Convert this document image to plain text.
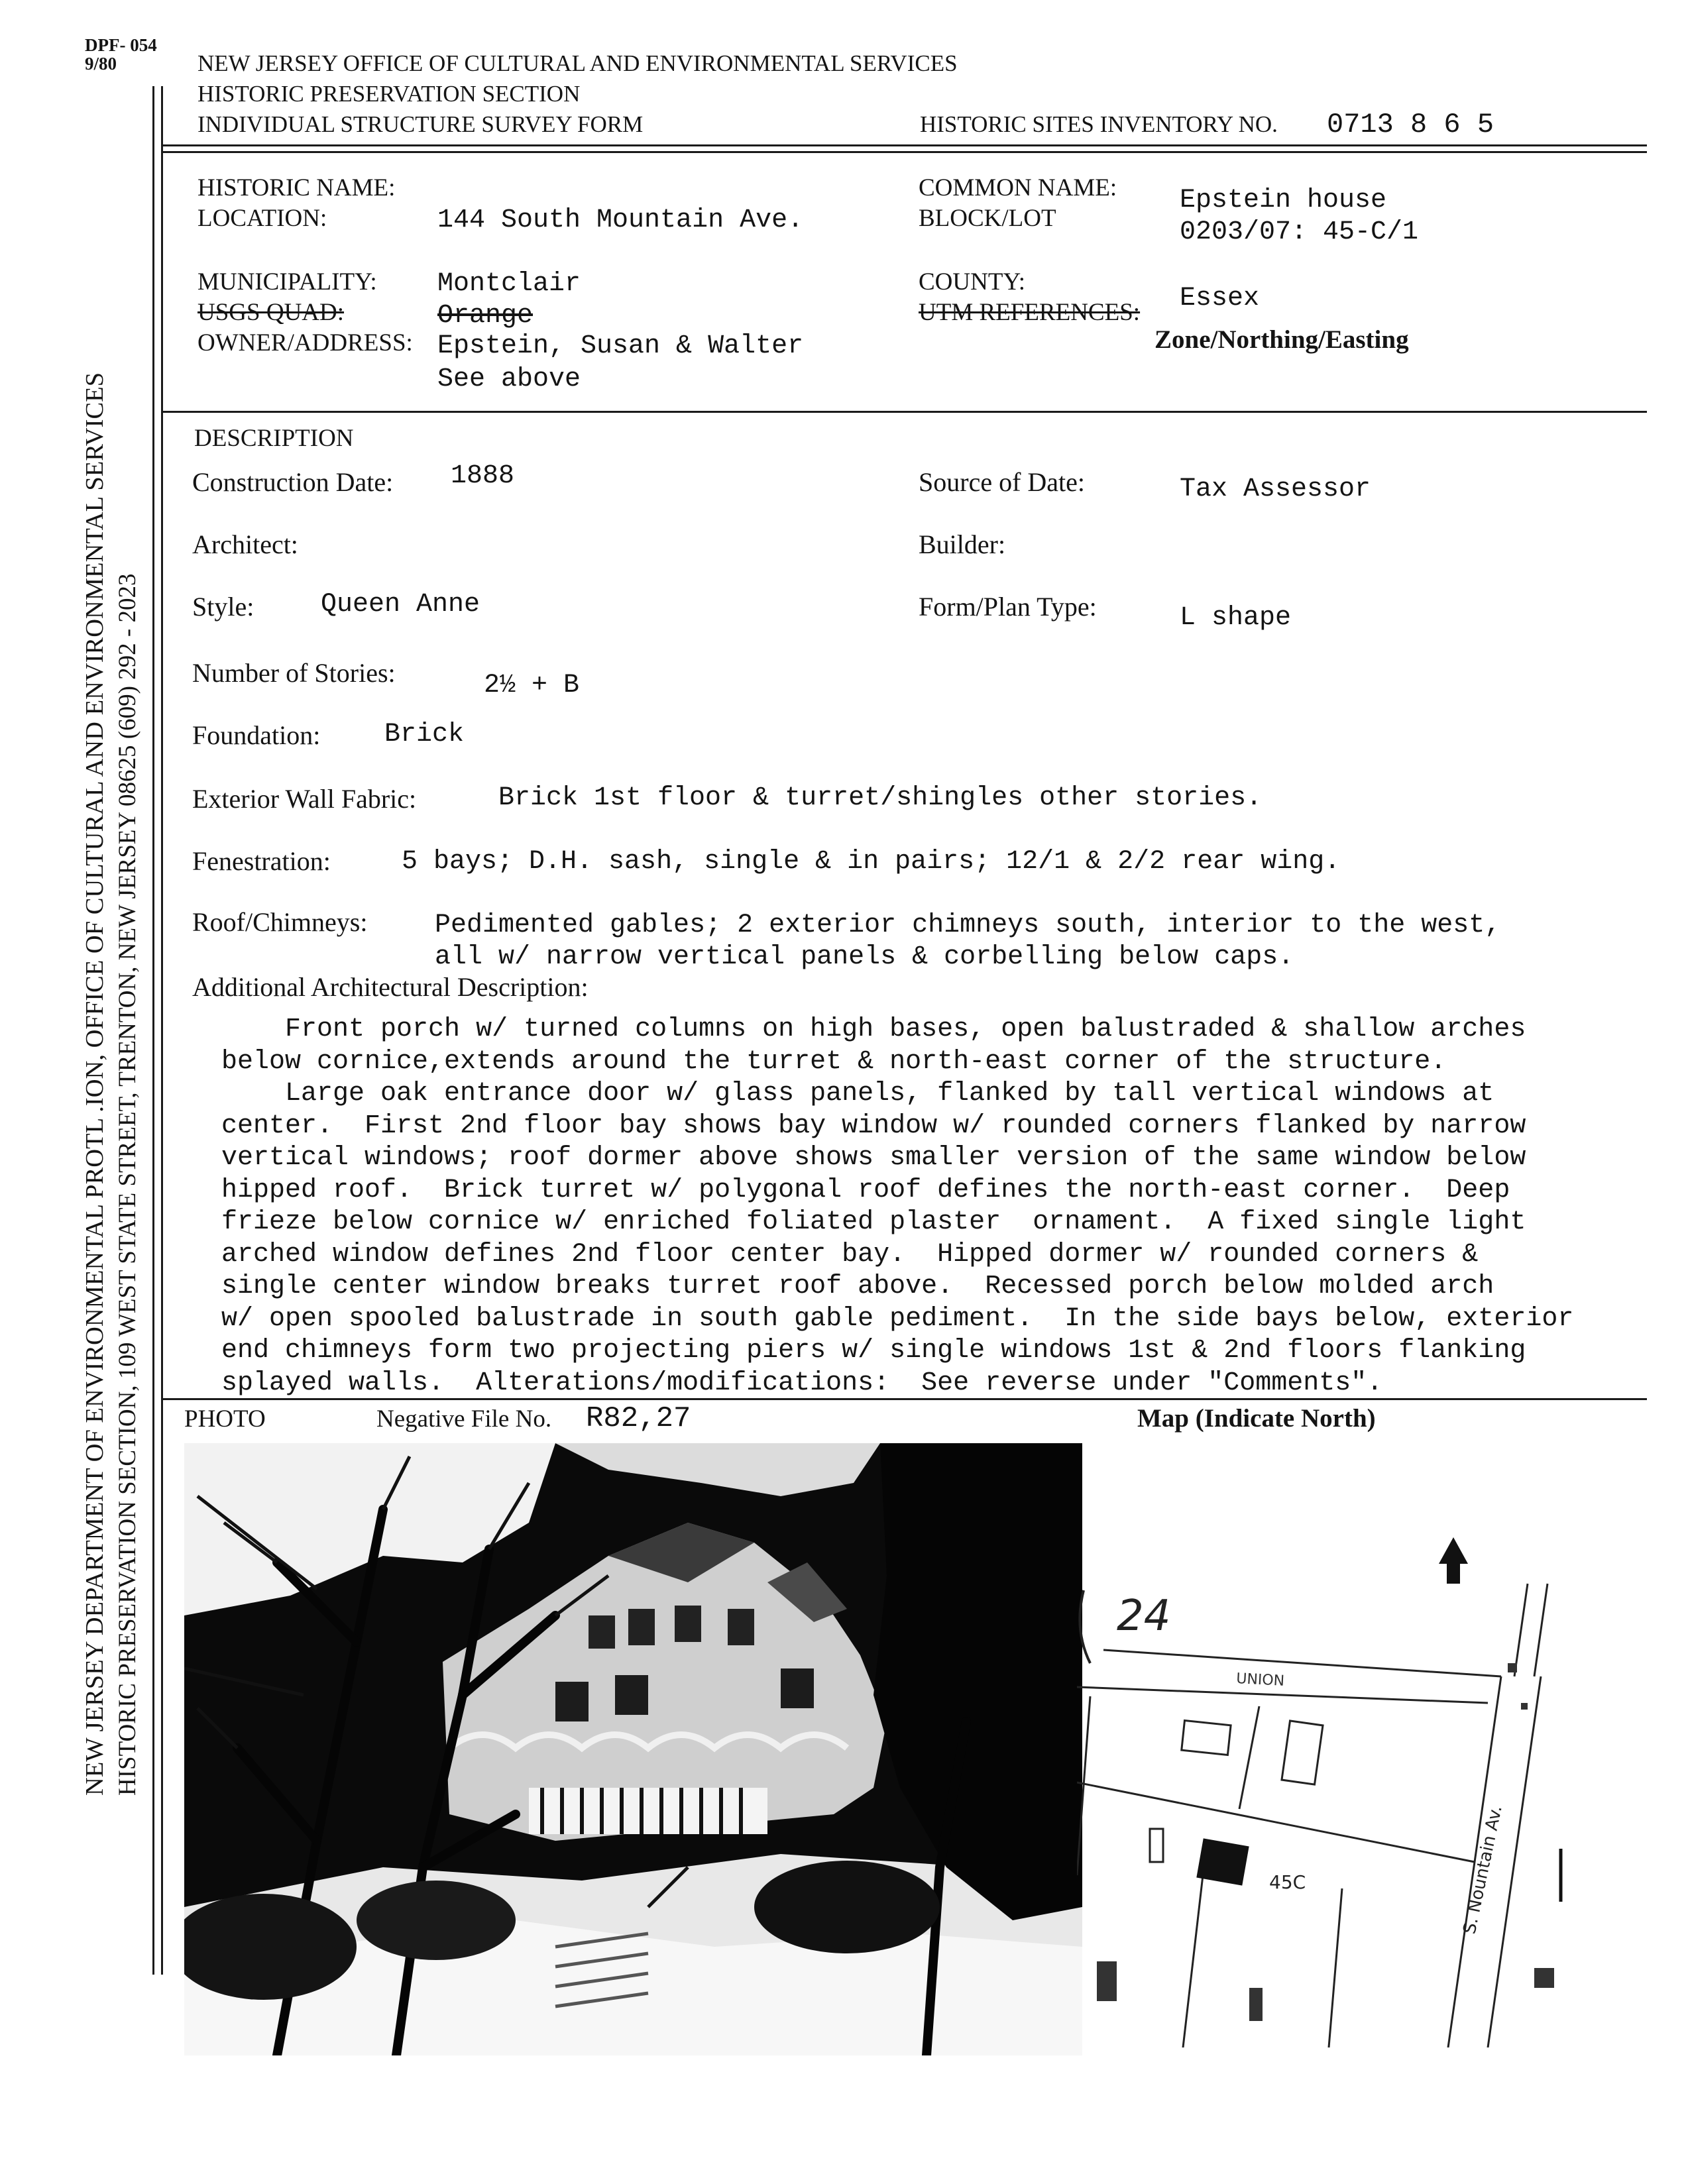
DPF- 054
9/80
NEW JERSEY DEPARTMENT OF ENVIRONMENTAL PROTL .ION, OFFICE OF CULTURAL AND ENVIRONMENTAL SERVICES HISTORIC PRESERVATION SECTION, 109 WEST STATE STREET, TRENTON, NEW JERSEY 08625 (609) 292 - 2023
NEW JERSEY OFFICE OF CULTURAL AND ENVIRONMENTAL SERVICES
HISTORIC PRESERVATION SECTION
INDIVIDUAL STRUCTURE SURVEY FORM	HISTORIC SITES INVENTORY NO. 0713 8 6 5
HISTORIC NAME:
LOCATION:	144 South Mountain Ave.
MUNICIPALITY: Montclair
USGS QUAD:	Orange
OWNER/ADDRESS: Epstein, Susan & Walter
See above
COMMON NAME: Epstein house
BLOCK/LOT	0203/07: 45-C/1
COUNTY:
Essex
UTM REFERENCES:
Zone/Northing/Easting
DESCRIPTION
Construction Date: 1888	Source of Date:	Tax Assessor
Architect:	Builder:
Style:	Queen Anne	Form/Plan Type:	L shape
Number of Stories:	2½ + B
Foundation: Brick
Exterior Wall Fabric:	Brick 1st floor & turret/shingles other stories.
Fenestration:	5 bays; D.H. sash, single & in pairs; 12/1 & 2/2 rear wing.
Roof/Chimneys:	Pedimented gables; 2 exterior chimneys south, interior to the west,
all w/ narrow vertical panels & corbelling below caps.
Additional Architectural Description:
Front porch w/ turned columns on high bases, open balustraded & shallow arches
below cornice,extends around the turret & north-east corner of the structure.
Large oak entrance door w/ glass panels, flanked by tall vertical windows at
center.  First 2nd floor bay shows bay window w/ rounded corners flanked by narrow
vertical windows; roof dormer above shows smaller version of the same window below
hipped roof.  Brick turret w/ polygonal roof defines the north-east corner.  Deep
frieze below cornice w/ enriched foliated plaster  ornament.  A fixed single light
arched window defines 2nd floor center bay.  Hipped dormer w/ rounded corners &
single center window breaks turret roof above.  Recessed porch below molded arch
w/ open spooled balustrade in south gable pediment.  In the side bays below, exterior
end chimneys form two projecting piers w/ single windows 1st & 2nd floors flanking
splayed walls.  Alterations/modifications:  See reverse under "Comments".
PHOTO	Negative File No. R82,27	Map (Indicate North)
24
UNION
S. Nountain Av.
45C
